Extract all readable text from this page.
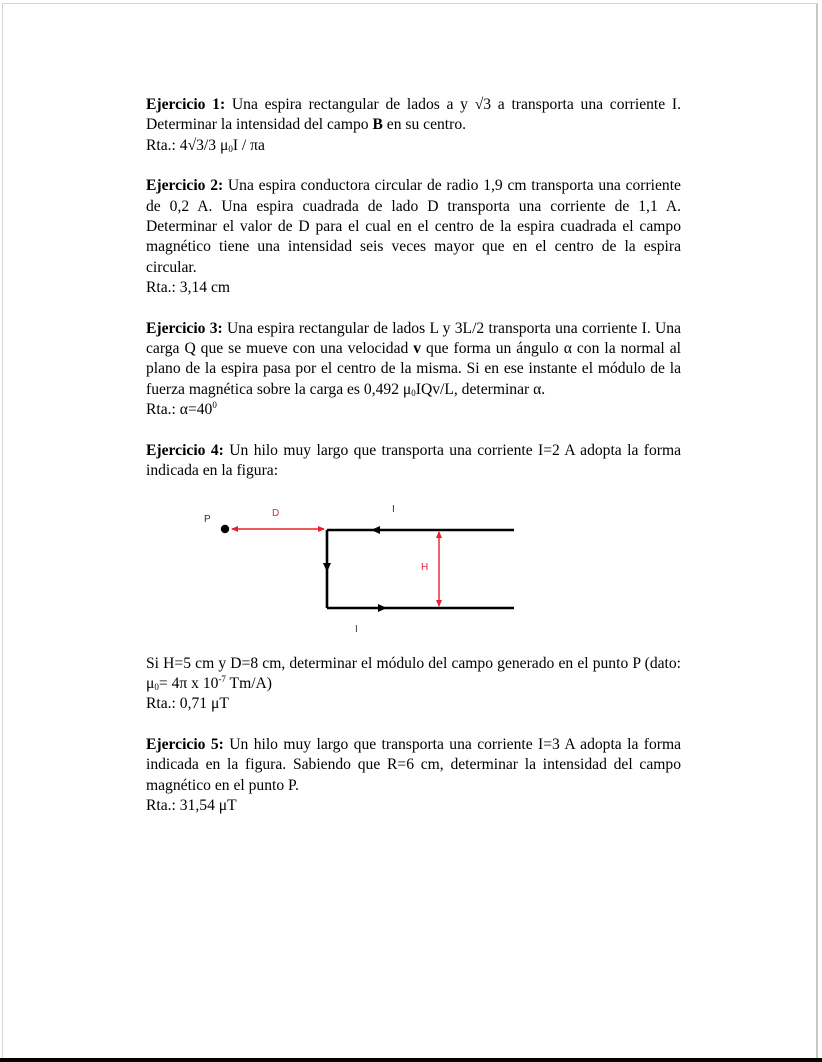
Ejercicio 1: Una espira rectangular de lados a y √3 a transporta una corriente I. Determinar la intensidad del campo B en su centro.

Rta.: 4√3/3 $\mu_0I$ / πa

Ejercicio 2: Una espira conductora circular de radio 1,9 cm transporta una corriente de 0,2 A. Una espira cuadrada de lado D transporta una corriente de 1,1 A. Determinar el valor de D para el cual en el centro de la espira cuadrada el campo magnético tiene una intensidad seis veces mayor que en el centro de la espira circular.

Rta.: 3,14 cm

Ejercicio 3: Una espira rectangular de lados L y 3L/2 transporta una corriente I. Una carga Q que se mueve con una velocidad v que forma un ángulo α con la normal al plano de la espira pasa por el centro de la misma. Si en ese instante el módulo de la fuerza magnética sobre la carga es 0,492 $\mu_0IQv/L$, determinar α.

Rta.: $\alpha=40^0$

Ejercicio 4: Un hilo muy largo que transporta una corriente I=2 A adopta la forma indicada en la figura:

P
D
H
I
I

Si H=5 cm y D=8 cm, determinar el módulo del campo generado en el punto P (dato: $\mu_0= 4\pi$ x $10^{-7}$ Tm/A)

Rta.: 0,71 μT

Ejercicio 5: Un hilo muy largo que transporta una corriente I=3 A adopta la forma indicada en la figura. Sabiendo que R=6 cm, determinar la intensidad del campo magnético en el punto P.

Rta.: 31,54 μT
